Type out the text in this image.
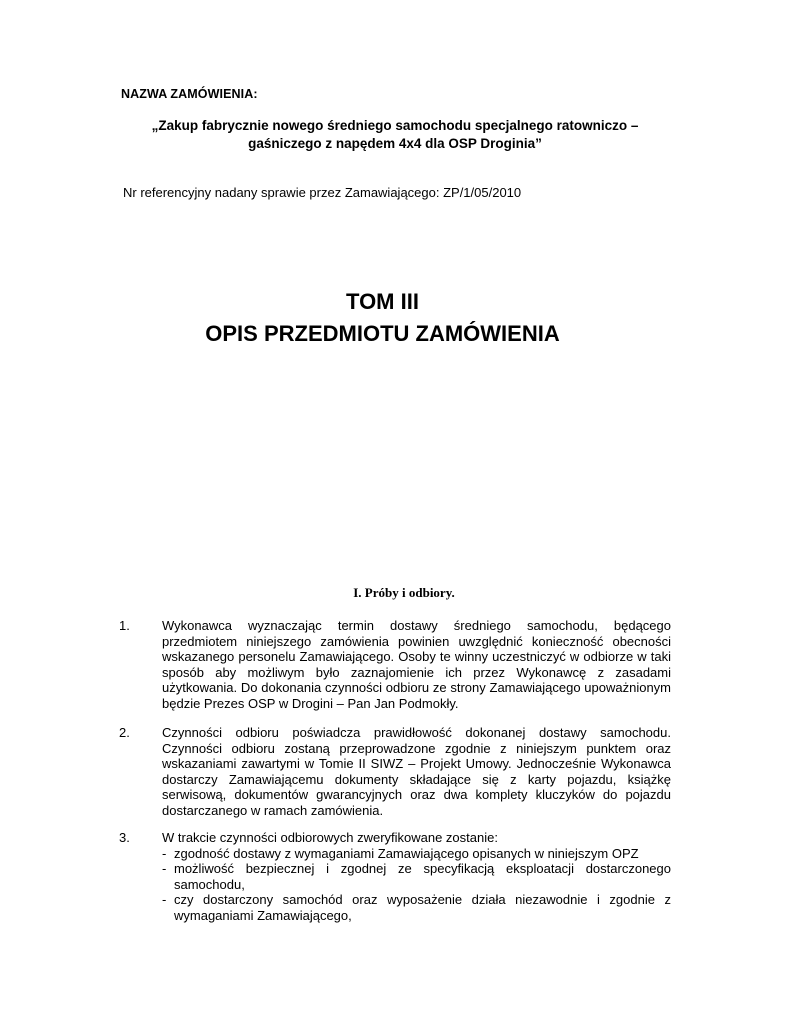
NAZWA ZAMÓWIENIA:
„Zakup fabrycznie nowego średniego samochodu specjalnego ratowniczo –
gaśniczego z napędem 4x4 dla OSP Droginia”
Nr referencyjny nadany sprawie przez Zamawiającego: ZP/1/05/2010
TOM III
OPIS PRZEDMIOTU ZAMÓWIENIA
I. Próby i odbiory.
1. Wykonawca wyznaczając termin dostawy średniego samochodu, będącego przedmiotem niniejszego zamówienia powinien uwzględnić konieczność obecności wskazanego personelu Zamawiającego. Osoby te winny uczestniczyć w odbiorze w taki sposób aby możliwym było zaznajomienie ich przez Wykonawcę z zasadami użytkowania. Do dokonania czynności odbioru ze strony Zamawiającego upoważnionym będzie Prezes OSP w Drogini – Pan Jan Podmokły.
2. Czynności odbioru poświadcza prawidłowość dokonanej dostawy samochodu. Czynności odbioru zostaną przeprowadzone zgodnie z niniejszym punktem oraz wskazaniami zawartymi w Tomie II SIWZ – Projekt Umowy. Jednocześnie Wykonawca dostarczy Zamawiającemu dokumenty składające się z karty pojazdu, książkę serwisową, dokumentów gwarancyjnych oraz dwa komplety kluczyków do pojazdu dostarczanego w ramach zamówienia.
3. W trakcie czynności odbiorowych zweryfikowane zostanie:

- zgodność dostawy z wymaganiami Zamawiającego opisanych w niniejszym OPZ
- możliwość bezpiecznej i zgodnej ze specyfikacją eksploatacji dostarczonego samochodu,
- czy dostarczony samochód oraz wyposażenie działa niezawodnie i zgodnie z wymaganiami Zamawiającego,
